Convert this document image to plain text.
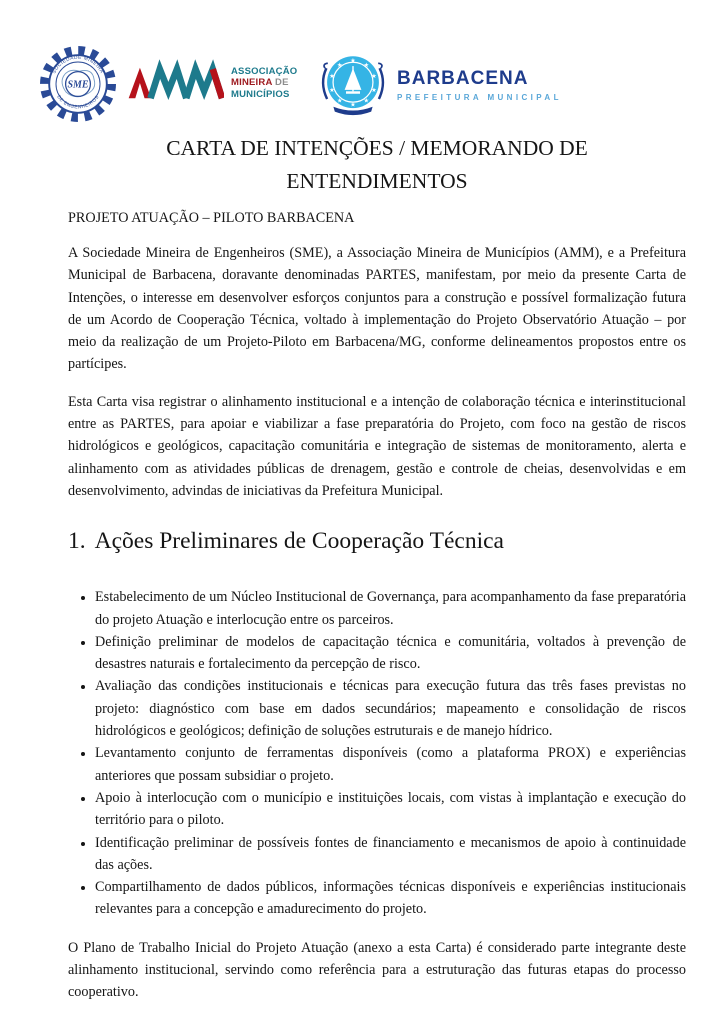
SOCIEDADE MINEIRA
DE ENGENHEIROS
SME
ASSOCIAÇÃO
MINEIRA DE
MUNICÍPIOS
★
★
★
★
★
★
★
★
★
★
BARBACENA
PREFEITURA MUNICIPAL
CARTA DE INTENÇÕES / MEMORANDO DE ENTENDIMENTOS

PROJETO ATUAÇÃO – PILOTO BARBACENA

A Sociedade Mineira de Engenheiros (SME), a Associação Mineira de Municípios (AMM), e a Prefeitura Municipal de Barbacena, doravante denominadas PARTES, manifestam, por meio da presente Carta de Intenções, o interesse em desenvolver esforços conjuntos para a construção e possível formalização futura de um Acordo de Cooperação Técnica, voltado à implementação do Projeto Observatório Atuação – por meio da realização de um Projeto-Piloto em Barbacena/MG, conforme delineamentos propostos entre os partícipes.

Esta Carta visa registrar o alinhamento institucional e a intenção de colaboração técnica e interinstitucional entre as PARTES, para apoiar e viabilizar a fase preparatória do Projeto, com foco na gestão de riscos hidrológicos e geológicos, capacitação comunitária e integração de sistemas de monitoramento, alerta e alinhamento com as atividades públicas de drenagem, gestão e controle de cheias, desenvolvidas e em desenvolvimento, advindas de iniciativas da Prefeitura Municipal.

1. Ações Preliminares de Cooperação Técnica
• Estabelecimento de um Núcleo Institucional de Governança, para acompanhamento da fase preparatória do projeto Atuação e interlocução entre os parceiros.
• Definição preliminar de modelos de capacitação técnica e comunitária, voltados à prevenção de desastres naturais e fortalecimento da percepção de risco.
• Avaliação das condições institucionais e técnicas para execução futura das três fases previstas no projeto: diagnóstico com base em dados secundários; mapeamento e consolidação de riscos hidrológicos e geológicos; definição de soluções estruturais e de manejo hídrico.
• Levantamento conjunto de ferramentas disponíveis (como a plataforma PROX) e experiências anteriores que possam subsidiar o projeto.
• Apoio à interlocução com o município e instituições locais, com vistas à implantação e execução do território para o piloto.
• Identificação preliminar de possíveis fontes de financiamento e mecanismos de apoio à continuidade das ações.
• Compartilhamento de dados públicos, informações técnicas disponíveis e experiências institucionais relevantes para a concepção e amadurecimento do projeto.

O Plano de Trabalho Inicial do Projeto Atuação (anexo a esta Carta) é considerado parte integrante deste alinhamento institucional, servindo como referência para a estruturação das futuras etapas do processo cooperativo.
